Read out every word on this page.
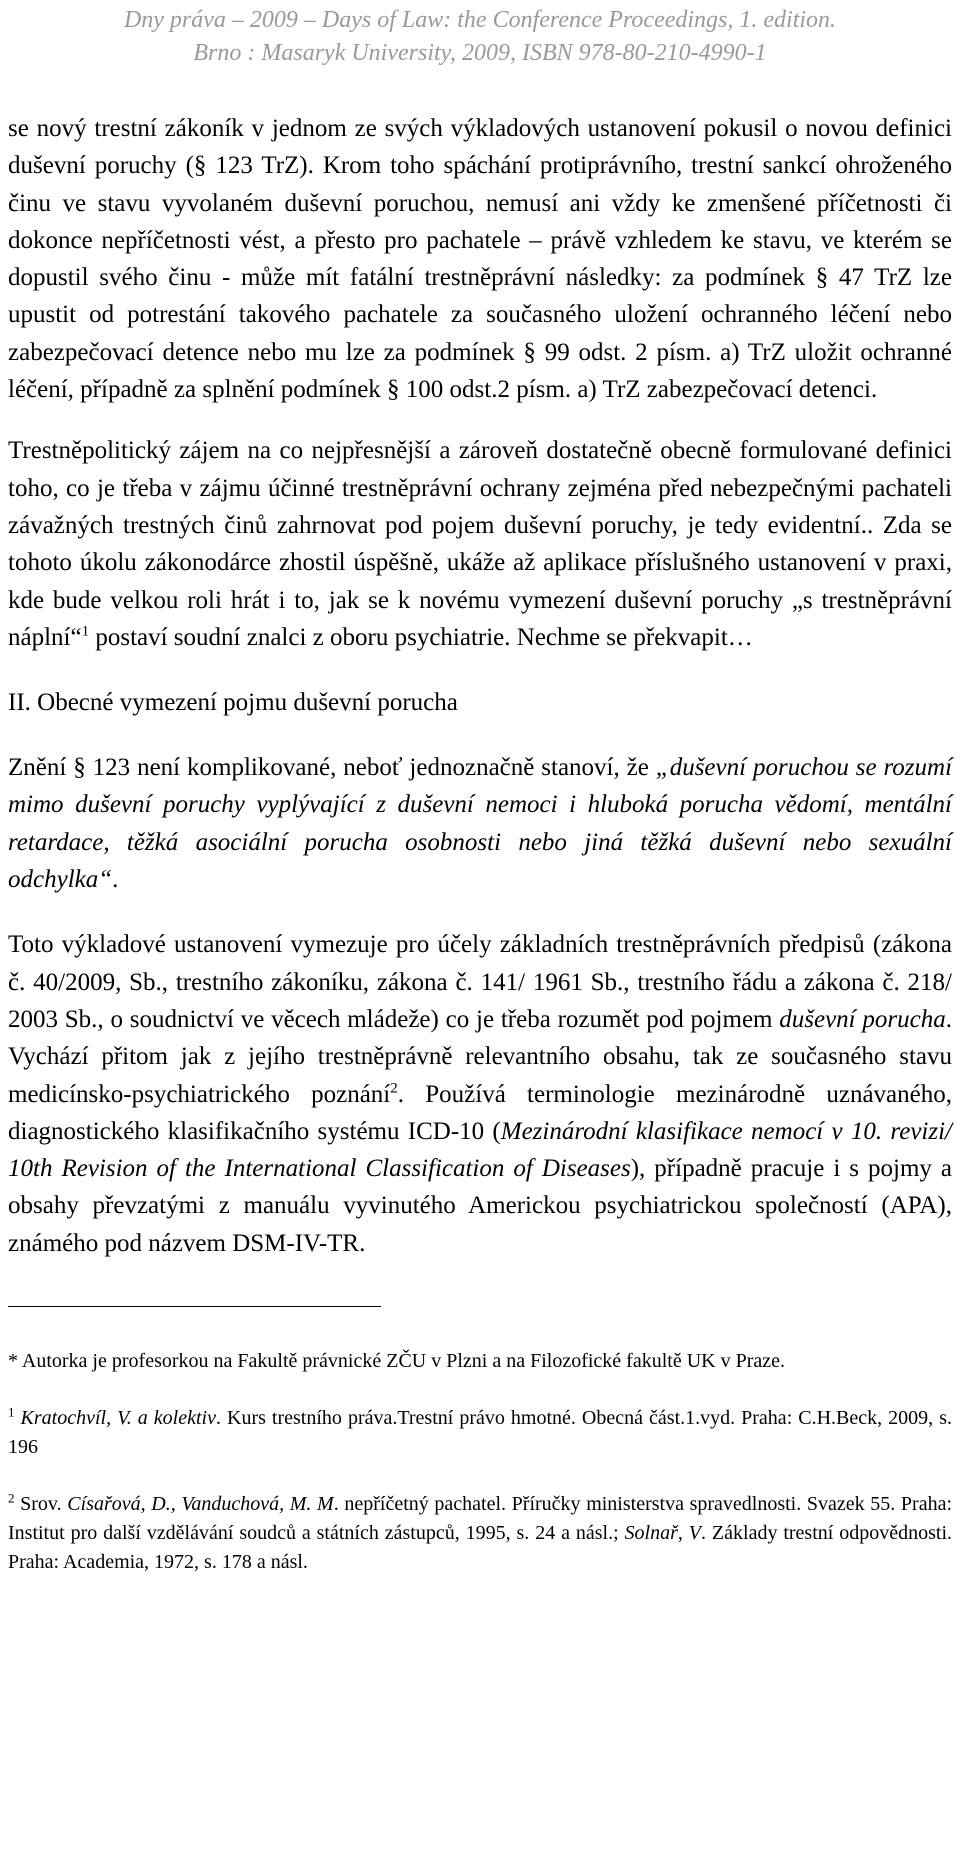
Dny práva – 2009 – Days of Law: the Conference Proceedings, 1. edition.
Brno : Masaryk University, 2009, ISBN 978-80-210-4990-1

se nový trestní zákoník v jednom ze svých výkladových ustanovení pokusil o novou definici duševní poruchy (§ 123 TrZ). Krom toho spáchání protiprávního, trestní sankcí ohroženého činu ve stavu vyvolaném duševní poruchou, nemusí ani vždy ke zmenšené příčetnosti či dokonce nepříčetnosti vést, a přesto pro pachatele – právě vzhledem ke stavu, ve kterém se dopustil svého činu - může mít fatální trestněprávní následky: za podmínek § 47 TrZ lze upustit od potrestání takového pachatele za současného uložení ochranného léčení nebo zabezpečovací detence nebo mu lze za podmínek § 99 odst. 2 písm. a) TrZ uložit ochranné léčení, případně za splnění podmínek § 100 odst.2 písm. a) TrZ zabezpečovací detenci.

Trestněpolitický zájem na co nejpřesnější a zároveň dostatečně obecně formulované definici toho, co je třeba v zájmu účinné trestněprávní ochrany zejména před nebezpečnými pachateli závažných trestných činů zahrnovat pod pojem duševní poruchy, je tedy evidentní.. Zda se tohoto úkolu zákonodárce zhostil úspěšně, ukáže až aplikace příslušného ustanovení v praxi, kde bude velkou roli hrát i to, jak se k novému vymezení duševní poruchy „s trestněprávní náplní“$^1$ postaví soudní znalci z oboru psychiatrie. Nechme se překvapit…

II. Obecné vymezení pojmu duševní porucha

Znění § 123 není komplikované, neboť jednoznačně stanoví, že „duševní poruchou se rozumí mimo duševní poruchy vyplývající z duševní nemoci i hluboká porucha vědomí, mentální retardace, těžká asociální porucha osobnosti nebo jiná těžká duševní nebo sexuální odchylka“.

Toto výkladové ustanovení vymezuje pro účely základních trestněprávních předpisů (zákona č. 40/2009, Sb., trestního zákoníku, zákona č. 141/ 1961 Sb., trestního řádu a zákona č. 218/ 2003 Sb., o soudnictví ve věcech mládeže) co je třeba rozumět pod pojmem duševní porucha. Vychází přitom jak z jejího trestněprávně relevantního obsahu, tak ze současného stavu medicínsko-psychiatrického poznání$^2$. Používá terminologie mezinárodně uznávaného, diagnostického klasifikačního systému ICD-10 (Mezinárodní klasifikace nemocí v 10. revizi/ 10th Revision of the International Classification of Diseases), případně pracuje i s pojmy a obsahy převzatými z manuálu vyvinutého Americkou psychiatrickou společností (APA), známého pod názvem DSM-IV-TR.

* Autorka je profesorkou na Fakultě právnické ZČU v Plzni a na Filozofické fakultě UK v Praze.

$^1$ Kratochvíl, V. a kolektiv. Kurs trestního práva.Trestní právo hmotné. Obecná část.1.vyd. Praha: C.H.Beck, 2009, s. 196

$^2$ Srov. Císařová, D., Vanduchová, M. M. nepříčetný pachatel. Příručky ministerstva spravedlnosti. Svazek 55. Praha: Institut pro další vzdělávání soudců a státních zástupců, 1995, s. 24 a násl.; Solnař, V. Základy trestní odpovědnosti. Praha: Academia, 1972, s. 178 a násl.
